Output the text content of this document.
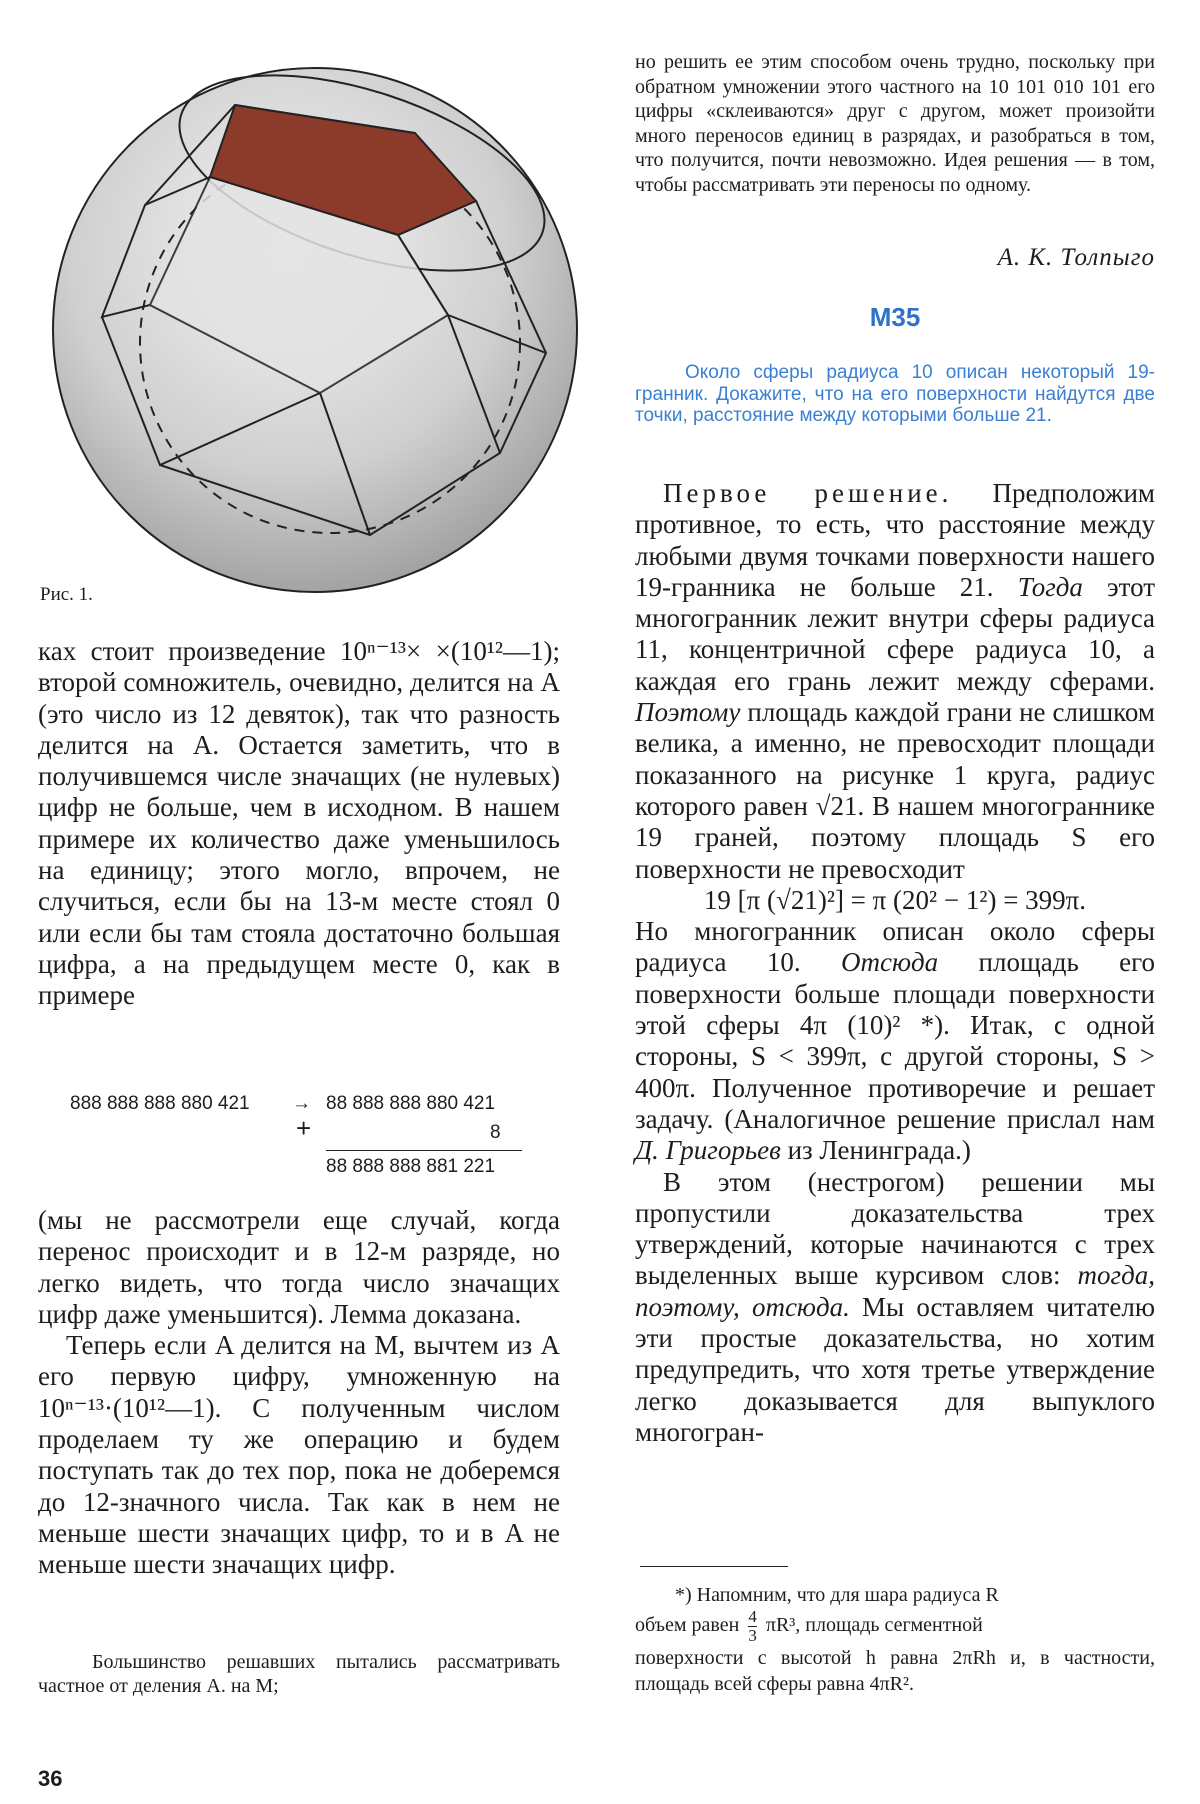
Рис. 1.

но решить ее этим способом очень трудно, поскольку при обратном умножении этого частного на 10 101 010 101 его цифры «склеиваются» друг с другом, может произойти много переносов единиц в разрядах, и разобраться в том, что получится, почти невозможно. Идея решения — в том, чтобы рассматривать эти переносы по одному.

А. К. Толпыго
М35
Около сферы радиуса 10 описан некоторый 19-гранник. Докажите, что на его поверхности найдутся две точки, расстояние между которыми больше 21.

Первое решение. Предположим противное, то есть, что расстояние между любыми двумя точками поверхности нашего 19-гранника не больше 21. Тогда этот многогранник лежит внутри сферы радиуса 11, концентричной сфере радиуса 10, а каждая его грань лежит между сферами. Поэтому площадь каждой грани не слишком велика, а именно, не превосходит площади показанного на рисунке 1 круга, радиус которого равен √21. В нашем многограннике 19 граней, поэтому площадь S его поверхности не превосходит

19 [π (√21)²] = π (20² − 1²) = 399π.

Но многогранник описан около сферы радиуса 10. Отсюда площадь его поверхности больше площади поверхности этой сферы 4π (10)² *). Итак, с одной стороны, S < 399π, с другой стороны, S > 400π. Полученное противоречие и решает задачу. (Аналогичное решение прислал нам Д. Григорьев из Ленинграда.)

В этом (нестрогом) решении мы пропустили доказательства трех утверждений, которые начинаются с трех выделенных выше курсивом слов: тогда, поэтому, отсюда. Мы оставляем читателю эти простые доказательства, но хотим предупредить, что хотя третье утверждение легко доказывается для выпуклого многогран-

ках стоит произведение 10ⁿ⁻¹³× ×(10¹²—1); второй сомножитель, очевидно, делится на A (это число из 12 девяток), так что разность делится на A. Остается заметить, что в получившемся числе значащих (не нулевых) цифр не больше, чем в исходном. В нашем примере их количество даже уменьшилось на единицу; этого могло, впрочем, не случиться, если бы на 13-м месте стоял 0 или если бы там стояла достаточно большая цифра, а на предыдущем месте 0, как в примере

888 888 888 880 421 → 88 888 888 880 421
+	8
88 888 888 881 221

(мы не рассмотрели еще случай, когда перенос происходит и в 12-м разряде, но легко видеть, что тогда число значащих цифр даже уменьшится). Лемма доказана.

Теперь если A делится на M, вычтем из A его первую цифру, умноженную на 10ⁿ⁻¹³·(10¹²—1). С полученным числом проделаем ту же операцию и будем поступать так до тех пор, пока не доберемся до 12-значного числа. Так как в нем не меньше шести значащих цифр, то и в A не меньше шести значащих цифр.

Большинство решавших пытались рассматривать частное от деления A. на M;
*) Напомним, что для шара радиуса R
объем равен $\frac{4}{3} \pi R^3$, площадь сегментной
поверхности с высотой h равна 2πRh и, в частности, площадь всей сферы равна 4πR².
36
